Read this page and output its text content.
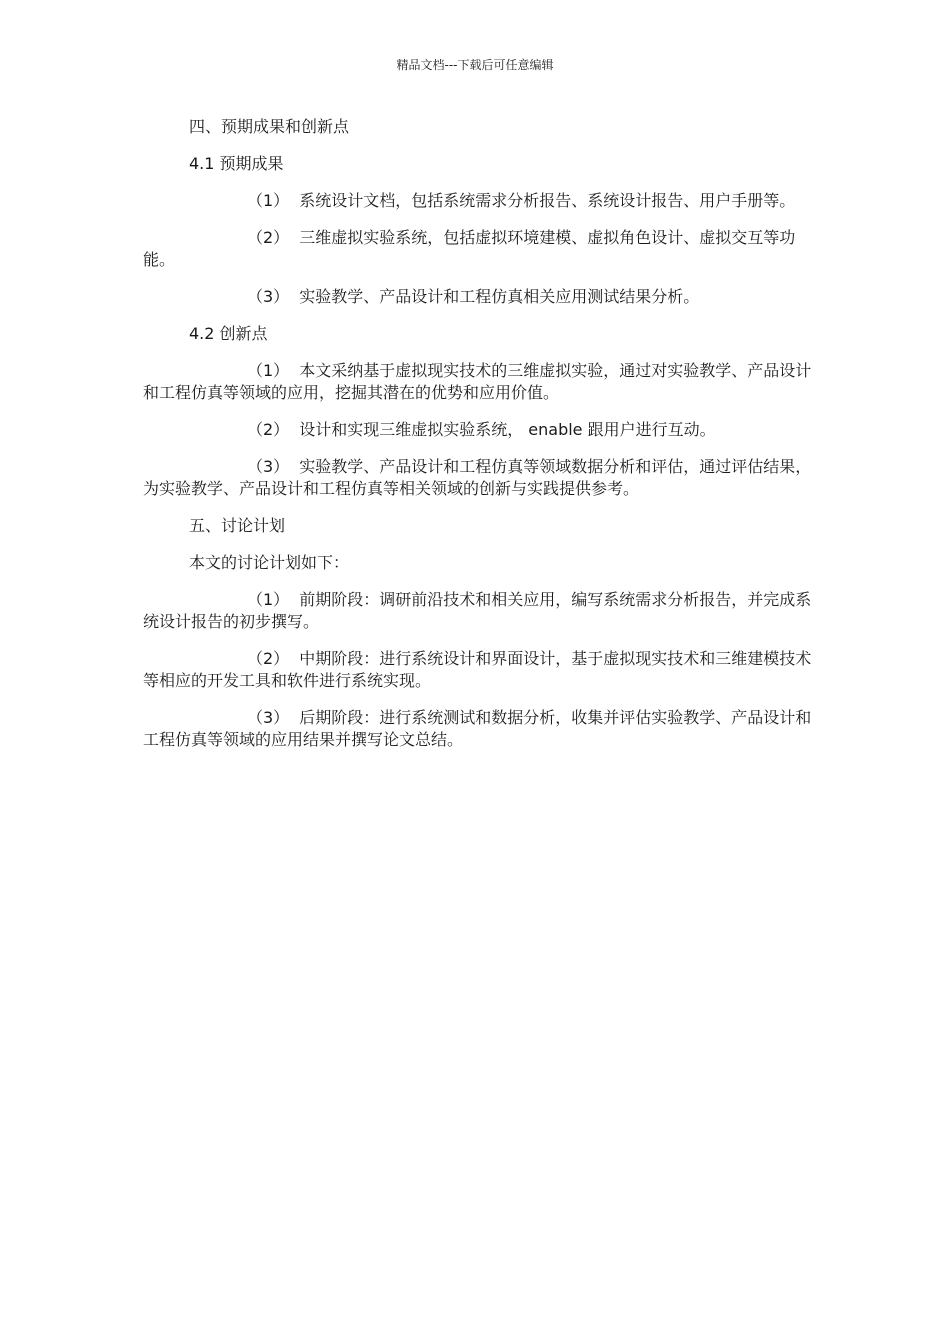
精品文档---下载后可任意编辑

四、预期成果和创新点

4.1 预期成果

（1） 系统设计文档，包括系统需求分析报告、系统设计报告、用户手册等。

（2） 三维虚拟实验系统，包括虚拟环境建模、虚拟角色设计、虚拟交互等功能。

（3） 实验教学、产品设计和工程仿真相关应用测试结果分析。

4.2 创新点

（1） 本文采纳基于虚拟现实技术的三维虚拟实验，通过对实验教学、产品设计和工程仿真等领域的应用，挖掘其潜在的优势和应用价值。

（2） 设计和实现三维虚拟实验系统， enable 跟用户进行互动。

（3） 实验教学、产品设计和工程仿真等领域数据分析和评估，通过评估结果，为实验教学、产品设计和工程仿真等相关领域的创新与实践提供参考。

五、讨论计划

本文的讨论计划如下：

（1） 前期阶段：调研前沿技术和相关应用，编写系统需求分析报告，并完成系统设计报告的初步撰写。

（2） 中期阶段：进行系统设计和界面设计，基于虚拟现实技术和三维建模技术等相应的开发工具和软件进行系统实现。

（3） 后期阶段：进行系统测试和数据分析，收集并评估实验教学、产品设计和工程仿真等领域的应用结果并撰写论文总结。
